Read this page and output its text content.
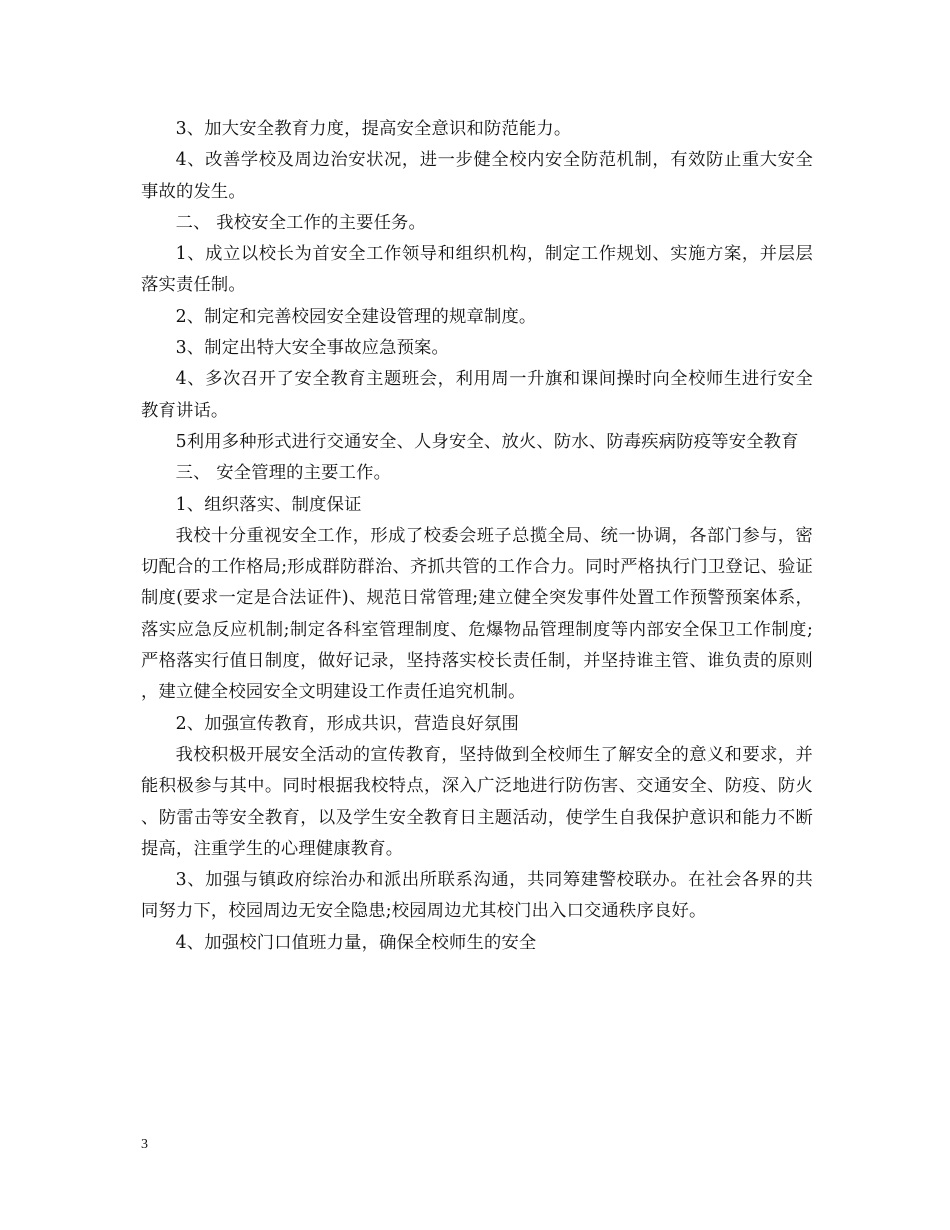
3、加大安全教育力度，提高安全意识和防范能力。

4、改善学校及周边治安状况，进一步健全校内安全防范机制，有效防止重大安全事故的发生。

二、 我校安全工作的主要任务。

1、成立以校长为首安全工作领导和组织机构，制定工作规划、实施方案，并层层落实责任制。

2、制定和完善校园安全建设管理的规章制度。

3、制定出特大安全事故应急预案。

4、多次召开了安全教育主题班会，利用周一升旗和课间操时向全校师生进行安全教育讲话。

5利用多种形式进行交通安全、人身安全、放火、防水、防毒疾病防疫等安全教育

三、 安全管理的主要工作。

1、组织落实、制度保证

我校十分重视安全工作，形成了校委会班子总揽全局、统一协调，各部门参与，密切配合的工作格局;形成群防群治、齐抓共管的工作合力。同时严格执行门卫登记、验证制度(要求一定是合法证件)、规范日常管理;建立健全突发事件处置工作预警预案体系，落实应急反应机制;制定各科室管理制度、危爆物品管理制度等内部安全保卫工作制度;严格落实行值日制度，做好记录，坚持落实校长责任制，并坚持谁主管、谁负责的原则，建立健全校园安全文明建设工作责任追究机制。

2、加强宣传教育，形成共识，营造良好氛围

我校积极开展安全活动的宣传教育，坚持做到全校师生了解安全的意义和要求，并能积极参与其中。同时根据我校特点，深入广泛地进行防伤害、交通安全、防疫、防火、防雷击等安全教育，以及学生安全教育日主题活动，使学生自我保护意识和能力不断提高，注重学生的心理健康教育。

3、加强与镇政府综治办和派出所联系沟通，共同筹建警校联办。在社会各界的共同努力下，校园周边无安全隐患;校园周边尤其校门出入口交通秩序良好。

4、加强校门口值班力量，确保全校师生的安全

3
